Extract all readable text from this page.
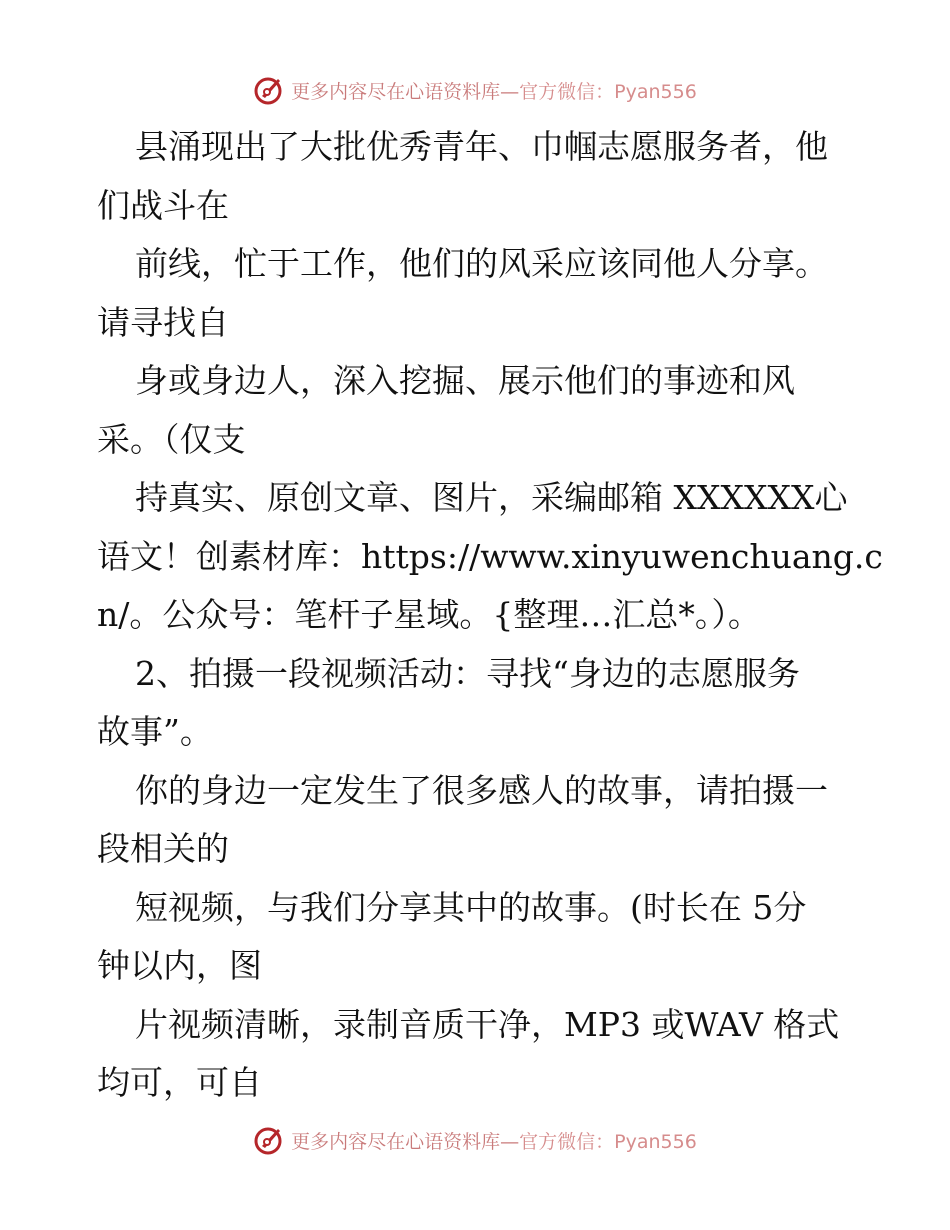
更多内容尽在心语资料库—官方微信：Pyan556
县涌现出了大批优秀青年、巾帼志愿服务者，他
们战斗在
前线，忙于工作，他们的风采应该同他人分享。
请寻找自
身或身边人，深入挖掘、展示他们的事迹和风
采。（仅支
持真实、原创文章、图片，采编邮箱 XXXXXX心
语文！创素材库：https://www.xinyuwenchuang.c
n/。公众号：笔杆子星域。{整理…汇总*。）。
2、拍摄一段视频活动：寻找“身边的志愿服务
故事”。
你的身边一定发生了很多感人的故事，请拍摄一
段相关的
短视频，与我们分享其中的故事。(时长在 5分
钟以内，图
片视频清晰，录制音质干净，MP3 或WAV 格式
均可，可自
更多内容尽在心语资料库—官方微信：Pyan556
